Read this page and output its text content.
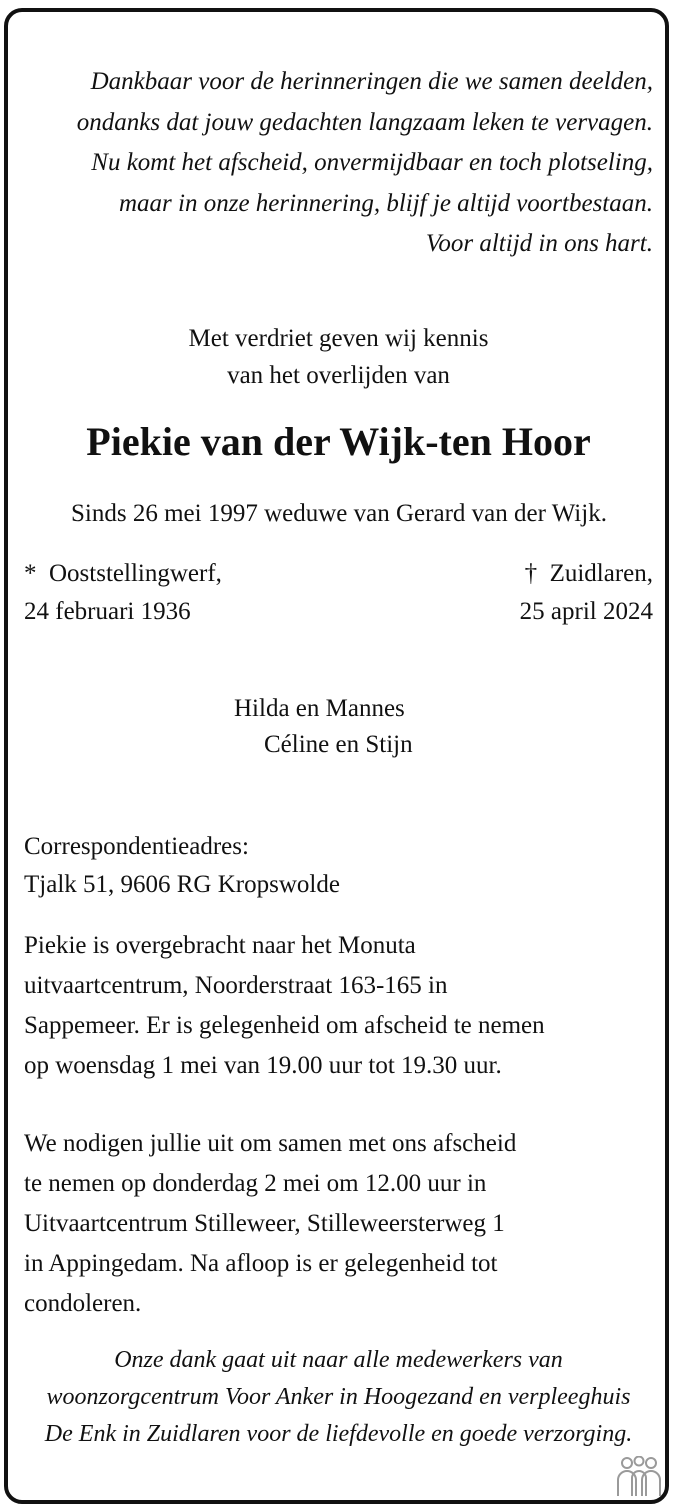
Dankbaar voor de herinneringen die we samen deelden,
ondanks dat jouw gedachten langzaam leken te vervagen.
Nu komt het afscheid, onvermijdbaar en toch plotseling,
maar in onze herinnering, blijf je altijd voortbestaan.
Voor altijd in ons hart.
Met verdriet geven wij kennis
van het overlijden van
Piekie van der Wijk-ten Hoor
Sinds 26 mei 1997 weduwe van Gerard van der Wijk.
* Ooststellingwerf,
24 februari 1936
† Zuidlaren,
25 april 2024
Hilda en Mannes
Céline en Stijn
Correspondentieadres:
Tjalk 51, 9606 RG Kropswolde
Piekie is overgebracht naar het Monuta
uitvaartcentrum, Noorderstraat 163-165 in
Sappemeer. Er is gelegenheid om afscheid te nemen
op woensdag 1 mei van 19.00 uur tot 19.30 uur.
We nodigen jullie uit om samen met ons afscheid
te nemen op donderdag 2 mei om 12.00 uur in
Uitvaartcentrum Stilleweer, Stilleweersterweg 1
in Appingedam. Na afloop is er gelegenheid tot
condoleren.
Onze dank gaat uit naar alle medewerkers van
woonzorgcentrum Voor Anker in Hoogezand en verpleeghuis
De Enk in Zuidlaren voor de liefdevolle en goede verzorging.
